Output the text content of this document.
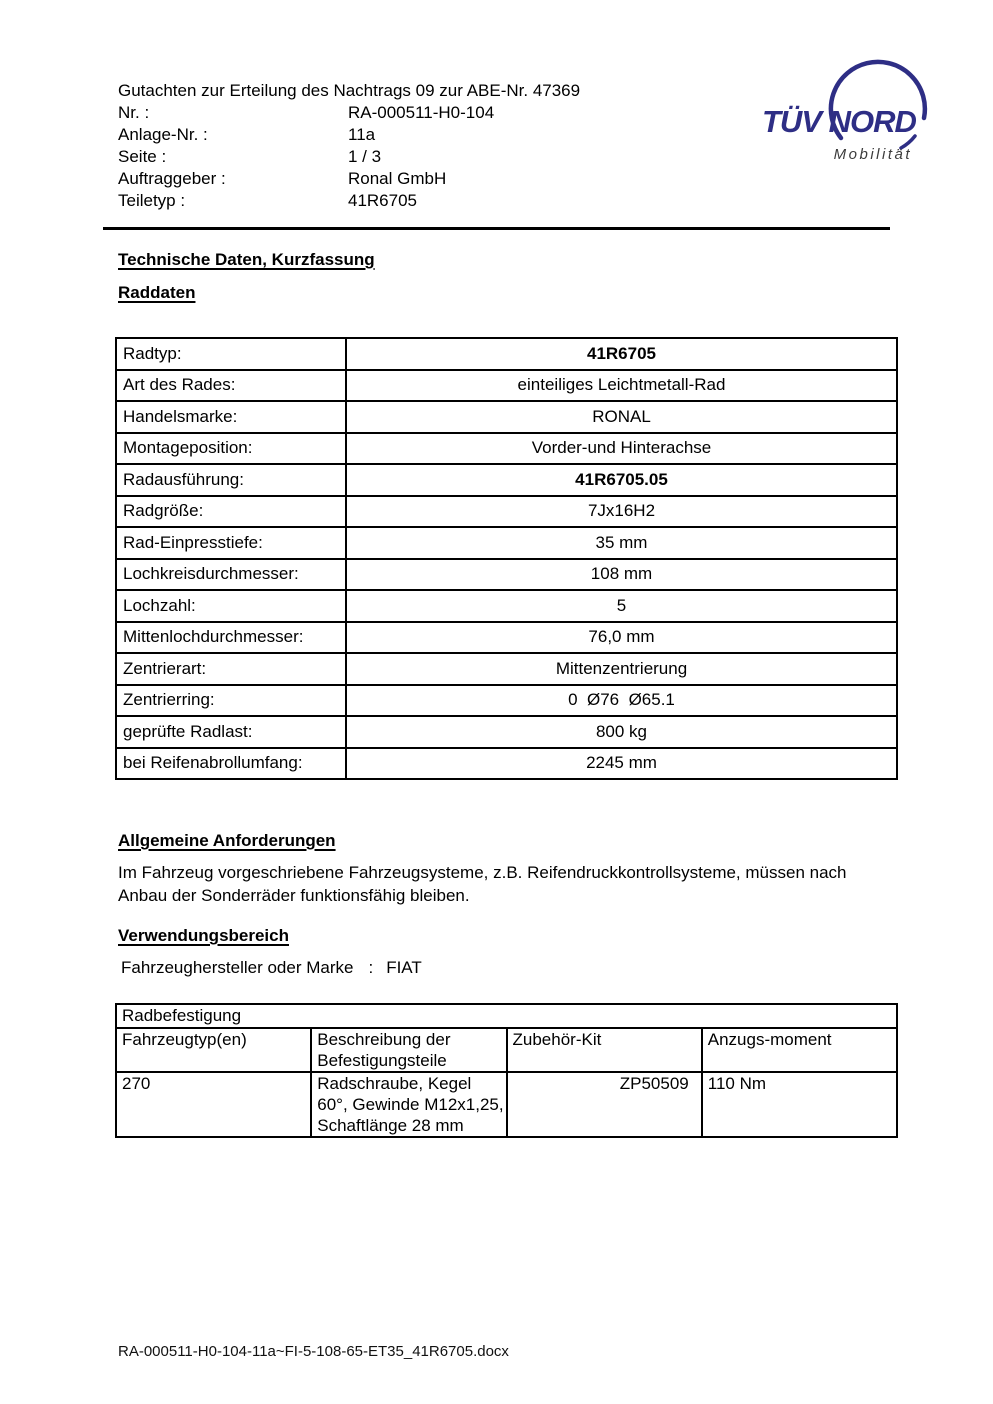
Gutachten zur Erteilung des Nachtrags 09 zur ABE-Nr. 47369
Nr. :	RA-000511-H0-104
Anlage-Nr. :	11a
Seite :	1 / 3
Auftraggeber :	Ronal GmbH
Teiletyp :	41R6705
TÜV NORD
Mobilität
Technische Daten, Kurzfassung
Raddaten
Radtyp:	41R6705
Art des Rades:	einteiliges Leichtmetall-Rad
Handelsmarke:	RONAL
Montageposition:	Vorder-und Hinterachse
Radausführung:	41R6705.05
Radgröße:	7Jx16H2
Rad-Einpresstiefe:	35 mm
Lochkreisdurchmesser:	108 mm
Lochzahl:	5
Mittenlochdurchmesser:	76,0 mm
Zentrierart:	Mittenzentrierung
Zentrierring:	0  Ø76  Ø65.1
geprüfte Radlast:	800 kg
bei Reifenabrollumfang:	2245 mm
Allgemeine Anforderungen
Im Fahrzeug vorgeschriebene Fahrzeugsysteme, z.B. Reifendruckkontrollsysteme, müssen nach Anbau der Sonderräder funktionsfähig bleiben.
Verwendungsbereich
Fahrzeughersteller oder Marke : FIAT
Radbefestigung			
Fahrzeugtyp(en)	Beschreibung der Befestigungsteile	Zubehör-Kit	Anzugs-moment
270	Radschraube, Kegel 60°, Gewinde M12x1,25, Schaftlänge 28 mm	ZP50509	110 Nm
RA-000511-H0-104-11a~FI-5-108-65-ET35_41R6705.docx
